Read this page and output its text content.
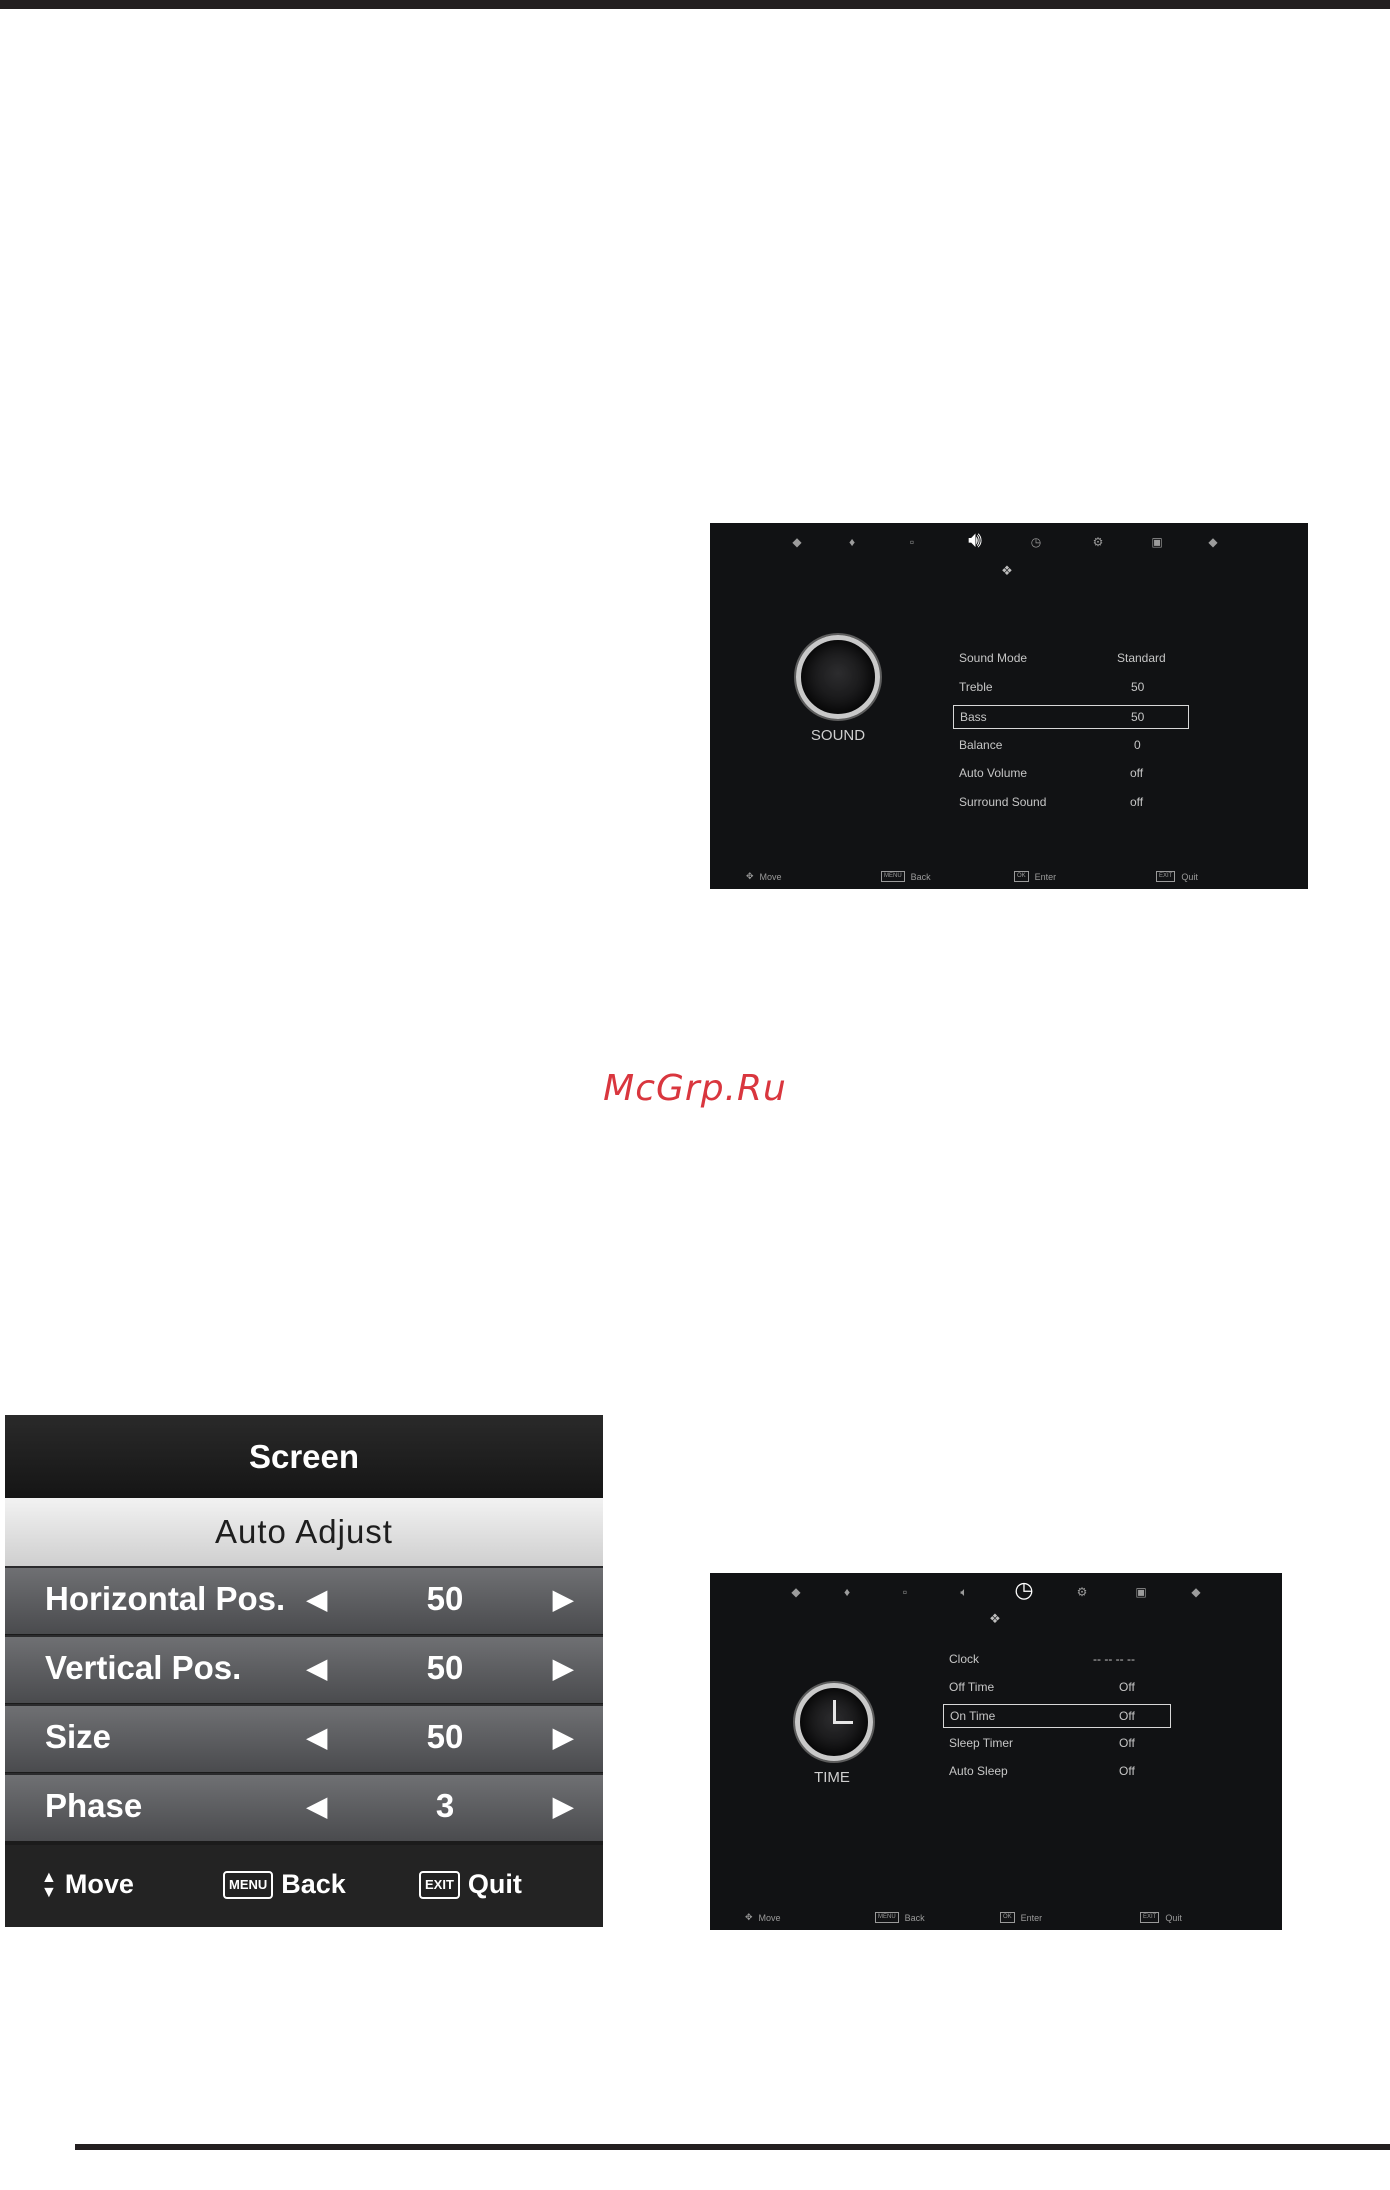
◆	♦	▫	🔊︎	◷	⚙	▣	◆
❖
SOUND
Sound Mode	Standard
Treble	50
Bass	50
Balance	0
Auto Volume	off
Surround Sound	off
✥ Move	MENU	Back	OK	Enter	EXIT	Quit
McGrp.Ru
Screen
Auto Adjust
Horizontal Pos. ◀	50	▶
Vertical Pos.	◀	50	▶
Size	◀	50	▶
Phase	◀	3	▶
▲
▼ Move	MENU Back	EXIT Quit
◆	♦	▫	🔈︎	◷	⚙	▣	◆
❖
TIME
Clock	-- -- -- --
Off Time	Off
On Time	Off
Sleep Timer	Off
Auto Sleep	Off
✥ Move	MENU	Back	OK	Enter	EXIT	Quit
